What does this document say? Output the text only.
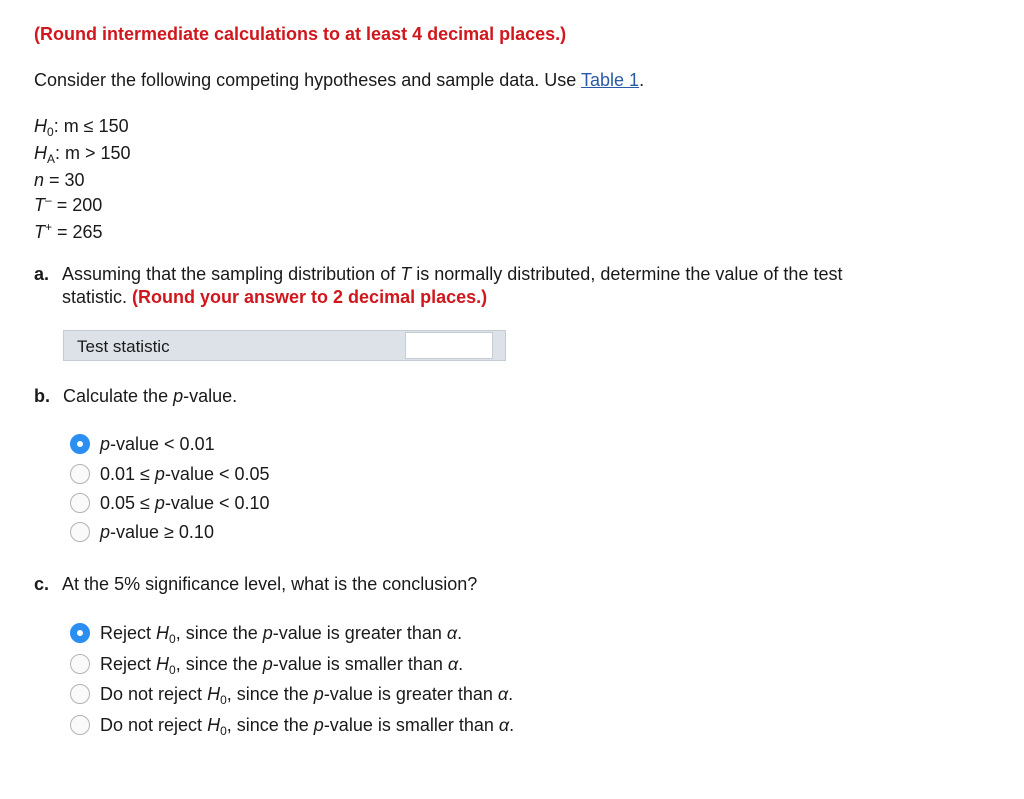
(Round intermediate calculations to at least 4 decimal places.)
Consider the following competing hypotheses and sample data. Use Table 1.
$H_0$: m ≤ 150
$H_A$: m > 150
n = 30
T– = 200
T+ = 265
a. Assuming that the sampling distribution of T is normally distributed, determine the value of the test
statistic. (Round your answer to 2 decimal places.)
Test statistic
b. Calculate the p-value.
p-value < 0.01
0.01 ≤ p-value < 0.05
0.05 ≤ p-value < 0.10
p-value ≥ 0.10
c. At the 5% significance level, what is the conclusion?
Reject $H_0$, since the p-value is greater than α.
Reject $H_0$, since the p-value is smaller than α.
Do not reject $H_0$, since the p-value is greater than α.
Do not reject $H_0$, since the p-value is smaller than α.
